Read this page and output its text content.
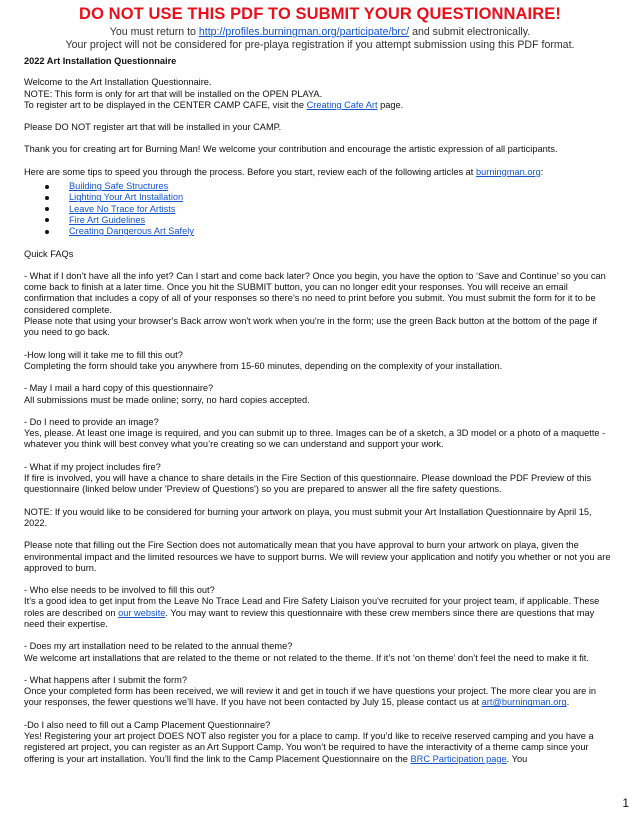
DO NOT USE THIS PDF TO SUBMIT YOUR QUESTIONNAIRE!
You must return to http://profiles.burningman.org/participate/brc/ and submit electronically.
Your project will not be considered for pre-playa registration if you attempt submission using this PDF format.

2022 Art Installation Questionnaire

Welcome to the Art Installation Questionnaire.

NOTE: This form is only for art that will be installed on the OPEN PLAYA.

To register art to be displayed in the CENTER CAMP CAFE, visit the Creating Cafe Art page.

Please DO NOT register art that will be installed in your CAMP.

Thank you for creating art for Burning Man! We welcome your contribution and encourage the artistic expression of all participants.

Here are some tips to speed you through the process. Before you start, review each of the following articles at burningman.org:

Building Safe Structures
Lighting Your Art Installation
Leave No Trace for Artists
Fire Art Guidelines
Creating Dangerous Art Safely

Quick FAQs

- What if I don’t have all the info yet? Can I start and come back later? Once you begin, you have the option to ‘Save and Continue’ so you can come back to finish at a later time. Once you hit the SUBMIT button, you can no longer edit your responses. You will receive an email confirmation that includes a copy of all of your responses so there’s no need to print before you submit. You must submit the form for it to be considered complete.

Please note that using your browser's Back arrow won't work when you're in the form; use the green Back button at the bottom of the page if you need to go back.

-How long will it take me to fill this out?

Completing the form should take you anywhere from 15-60 minutes, depending on the complexity of your installation.

- May I mail a hard copy of this questionnaire?

All submissions must be made online; sorry, no hard copies accepted.

- Do I need to provide an image?

Yes, please. At least one image is required, and you can submit up to three. Images can be of a sketch, a 3D model or a photo of a maquette - whatever you think will best convey what you’re creating so we can understand and support your work.

- What if my project includes fire?

If fire is involved, you will have a chance to share details in the Fire Section of this questionnaire. Please download the PDF Preview of this questionnaire (linked below under 'Preview of Questions') so you are prepared to answer all the fire safety questions.

NOTE: If you would like to be considered for burning your artwork on playa, you must submit your Art Installation Questionnaire by April 15, 2022.

Please note that filling out the Fire Section does not automatically mean that you have approval to burn your artwork on playa, given the environmental impact and the limited resources we have to support burns. We will review your application and notify you whether or not you are approved to burn.

- Who else needs to be involved to fill this out?

It’s a good idea to get input from the Leave No Trace Lead and Fire Safety Liaison you've recruited for your project team, if applicable. These roles are described on our website. You may want to review this questionnaire with these crew members since there are questions that may need their expertise.

- Does my art installation need to be related to the annual theme?

We welcome art installations that are related to the theme or not related to the theme. If it’s not ‘on theme’ don’t feel the need to make it fit.

- What happens after I submit the form?

Once your completed form has been received, we will review it and get in touch if we have questions your project. The more clear you are in your responses, the fewer questions we’ll have. If you have not been contacted by July 15, please contact us at art@burningman.org.

-Do I also need to fill out a Camp Placement Questionnaire?

Yes! Registering your art project DOES NOT also register you for a place to camp. If you’d like to receive reserved camping and you have a registered art project, you can register as an Art Support Camp. You won’t be required to have the interactivity of a theme camp since your offering is your art installation. You’ll find the link to the Camp Placement Questionnaire on the BRC Participation page. You

1
